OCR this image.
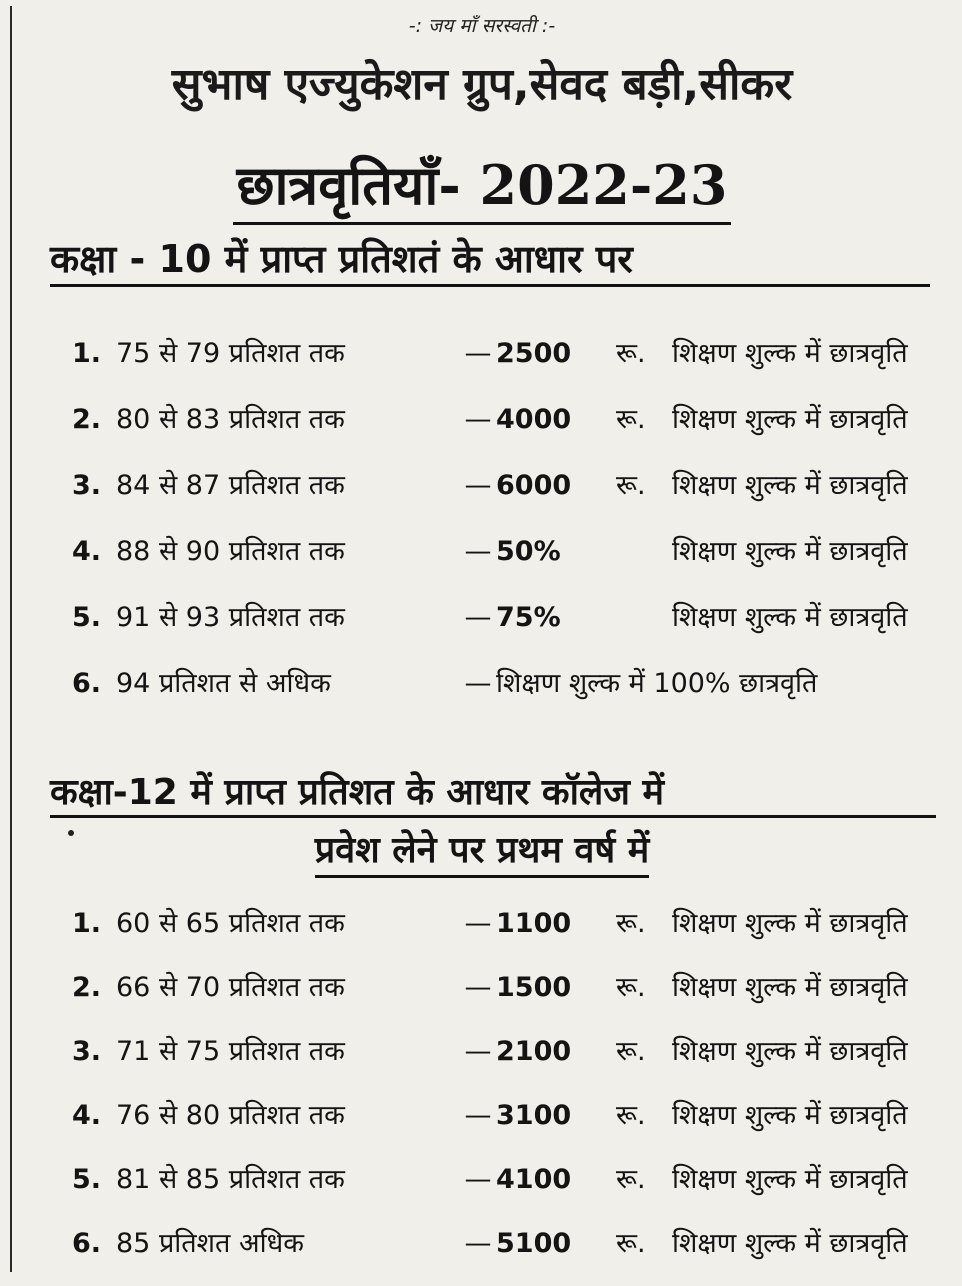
-: जय माँ सरस्वती :-
सुभाष एज्युकेशन ग्रुप,सेवद बड़ी,सीकर
छात्रवृतियाँ- 2022-23
कक्षा - 10 में प्राप्त प्रतिशतं के आधार पर
1. 75 से 79 प्रतिशत तक	— 2500	रू. शिक्षण शुल्क में छात्रवृति
2. 80 से 83 प्रतिशत तक	— 4000	रू. शिक्षण शुल्क में छात्रवृति
3. 84 से 87 प्रतिशत तक	— 6000	रू. शिक्षण शुल्क में छात्रवृति
4. 88 से 90 प्रतिशत तक	— 50%	शिक्षण शुल्क में छात्रवृति
5. 91 से 93 प्रतिशत तक	— 75%	शिक्षण शुल्क में छात्रवृति
6. 94 प्रतिशत से अधिक	— शिक्षण शुल्क में 100% छात्रवृति
कक्षा-12 में प्राप्त प्रतिशत के आधार कॉलेज में
प्रवेश लेने पर प्रथम वर्ष में
1. 60 से 65 प्रतिशत तक	— 1100	रू. शिक्षण शुल्क में छात्रवृति
2. 66 से 70 प्रतिशत तक	— 1500	रू. शिक्षण शुल्क में छात्रवृति
3. 71 से 75 प्रतिशत तक	— 2100	रू. शिक्षण शुल्क में छात्रवृति
4. 76 से 80 प्रतिशत तक	— 3100	रू. शिक्षण शुल्क में छात्रवृति
5. 81 से 85 प्रतिशत तक	— 4100	रू. शिक्षण शुल्क में छात्रवृति
6. 85 प्रतिशत अधिक	— 5100	रू. शिक्षण शुल्क में छात्रवृति
